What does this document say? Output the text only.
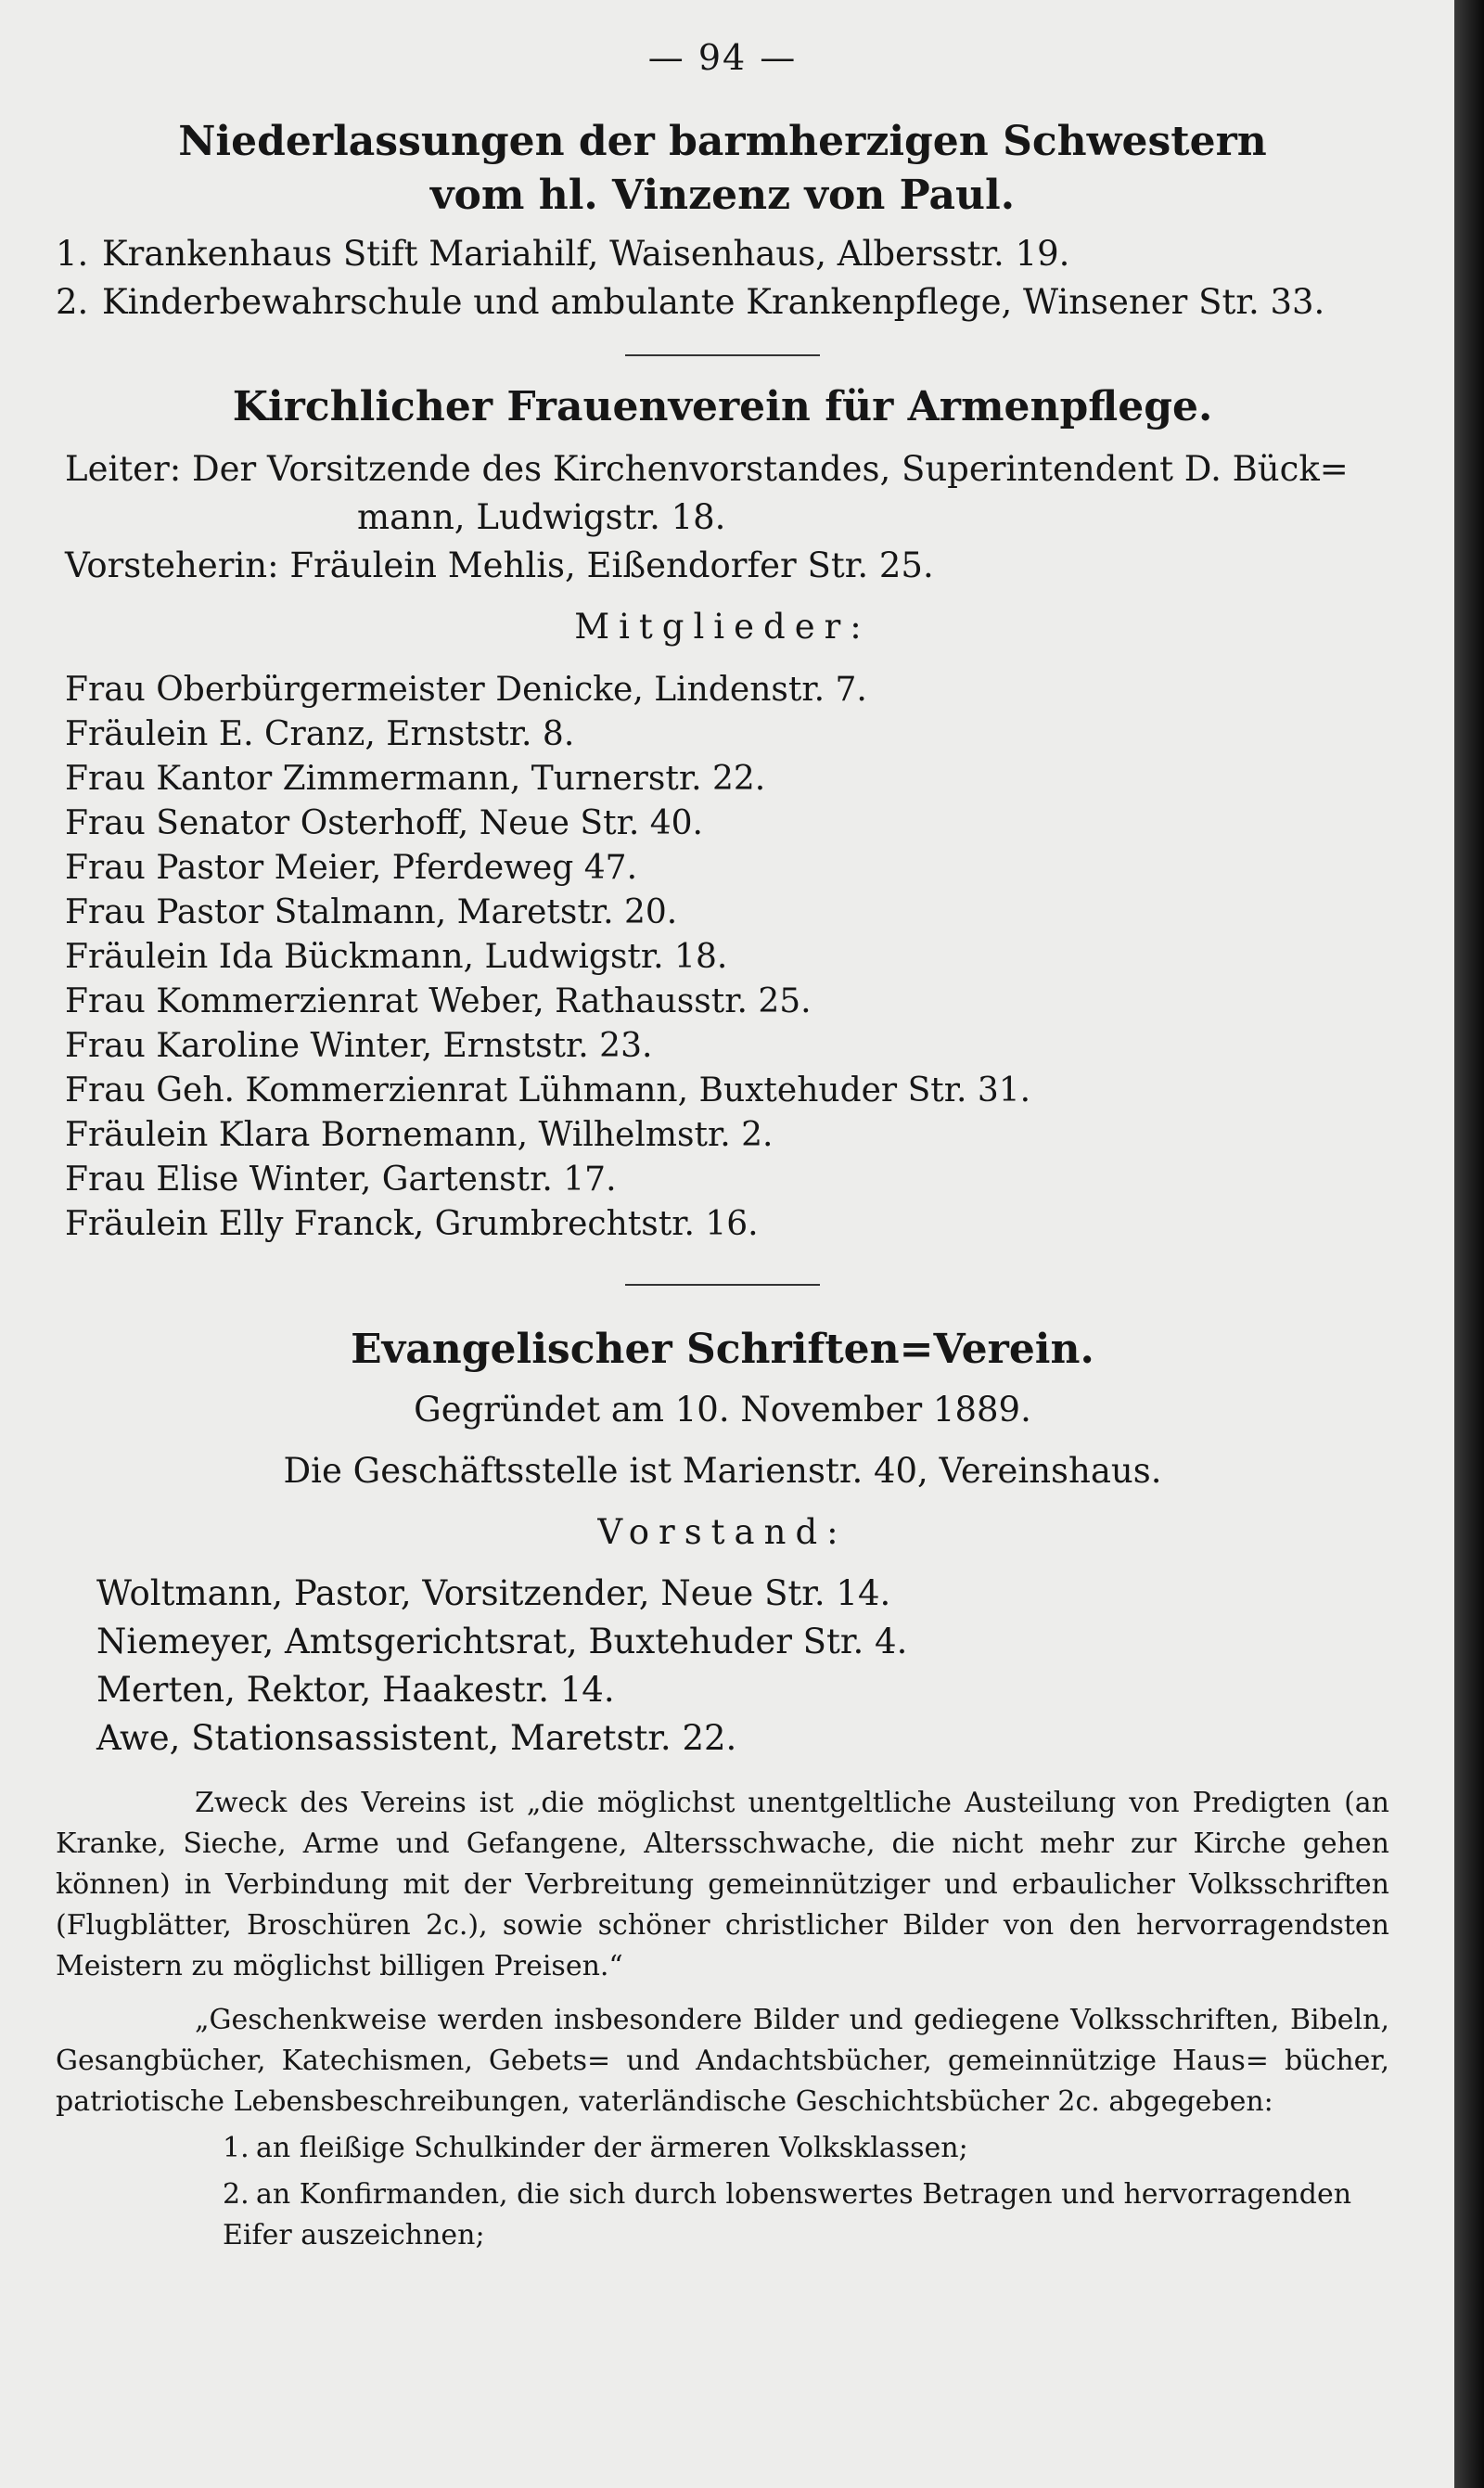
— 94 —

Niederlassungen der barmherzigen Schwestern

vom hl. Vinzenz von Paul.

1. Krankenhaus Stift Mariahilf, Waisenhaus, Albersstr. 19.

2. Kinderbewahrschule und ambulante Krankenpflege, Winsener Str. 33.

Kirchlicher Frauenverein für Armenpflege.

Leiter: Der Vorsitzende des Kirchenvorstandes, Superintendent D. Bück=

mann, Ludwigstr. 18.

Vorsteherin: Fräulein Mehlis, Eißendorfer Str. 25.

Mitglieder:

Frau Oberbürgermeister Denicke, Lindenstr. 7.

Fräulein E. Cranz, Ernststr. 8.

Frau Kantor Zimmermann, Turnerstr. 22.

Frau Senator Osterhoff, Neue Str. 40.

Frau Pastor Meier, Pferdeweg 47.

Frau Pastor Stalmann, Maretstr. 20.

Fräulein Ida Bückmann, Ludwigstr. 18.

Frau Kommerzienrat Weber, Rathausstr. 25.

Frau Karoline Winter, Ernststr. 23.

Frau Geh. Kommerzienrat Lühmann, Buxtehuder Str. 31.

Fräulein Klara Bornemann, Wilhelmstr. 2.

Frau Elise Winter, Gartenstr. 17.

Fräulein Elly Franck, Grumbrechtstr. 16.

Evangelischer Schriften=Verein.

Gegründet am 10. November 1889.

Die Geschäftsstelle ist Marienstr. 40, Vereinshaus.

Vorstand:

Woltmann, Pastor, Vorsitzender, Neue Str. 14.

Niemeyer, Amtsgerichtsrat, Buxtehuder Str. 4.

Merten, Rektor, Haakestr. 14.

Awe, Stationsassistent, Maretstr. 22.

Zweck des Vereins ist „die möglichst unentgeltliche Austeilung von Predigten (an Kranke, Sieche, Arme und Gefangene, Altersschwache, die nicht mehr zur Kirche gehen können) in Verbindung mit der Verbreitung gemeinnütziger und erbaulicher Volksschriften (Flugblätter, Broschüren 2c.), sowie schöner christlicher Bilder von den hervorragendsten Meistern zu möglichst billigen Preisen.“

„Geschenkweise werden insbesondere Bilder und gediegene Volksschriften, Bibeln, Gesangbücher, Katechismen, Gebets= und Andachtsbücher, gemeinnützige Haus= bücher, patriotische Lebensbeschreibungen, vaterländische Geschichtsbücher 2c. abgegeben:

1. an fleißige Schulkinder der ärmeren Volksklassen;

2. an Konfirmanden, die sich durch lobenswertes Betragen und hervorragenden Eifer auszeichnen;
